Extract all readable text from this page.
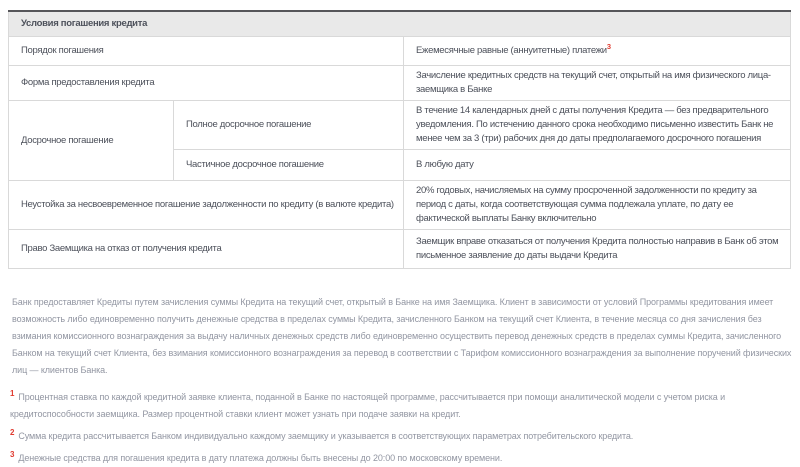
Условия погашения кредита		
Порядок погашения		Ежемесячные равные (аннуитетные) платежи$^3$
Форма предоставления кредита		Зачисление кредитных средств на текущий счет, открытый на имя физического лица-заемщика в Банке
Досрочное погашение	Полное досрочное погашение	В течение 14 календарных дней с даты получения Кредита — без предварительного уведомления. По истечению данного срока необходимо письменно известить Банк не менее чем за 3 (три) рабочих дня до даты предполагаемого досрочного погашения
	Частичное досрочное погашение	В любую дату
Неустойка за несвоевременное погашение задолженности по кредиту (в валюте кредита)		20% годовых, начисляемых на сумму просроченной задолженности по кредиту за период с даты, когда соответствующая сумма подлежала уплате, по дату ее фактической выплаты Банку включительно
Право Заемщика на отказ от получения кредита		Заемщик вправе отказаться от получения Кредита полностью направив в Банк об этом письменное заявление до даты выдачи Кредита
Банк предоставляет Кредиты путем зачисления суммы Кредита на текущий счет, открытый в Банке на имя Заемщика. Клиент в зависимости от условий Программы кредитования имеет возможность либо единовременно получить денежные средства в пределах суммы Кредита, зачисленного Банком на текущий счет Клиента, в течение месяца со дня зачисления без взимания комиссионного вознаграждения за выдачу наличных денежных средств либо единовременно осуществить перевод денежных средств в пределах суммы Кредита, зачисленного Банком на текущий счет Клиента, без взимания комиссионного вознаграждения за перевод в соответствии с Тарифом комиссионного вознаграждения за выполнение поручений физических лиц — клиентов Банка.
$^1$ Процентная ставка по каждой кредитной заявке клиента, поданной в Банке по настоящей программе, рассчитывается при помощи аналитической модели с учетом риска и кредитоспособности заемщика. Размер процентной ставки клиент может узнать при подаче заявки на кредит.
$^2$ Сумма кредита рассчитывается Банком индивидуально каждому заемщику и указывается в соответствующих параметрах потребительского кредита.
$^3$ Денежные средства для погашения кредита в дату платежа должны быть внесены до 20:00 по московскому времени.
